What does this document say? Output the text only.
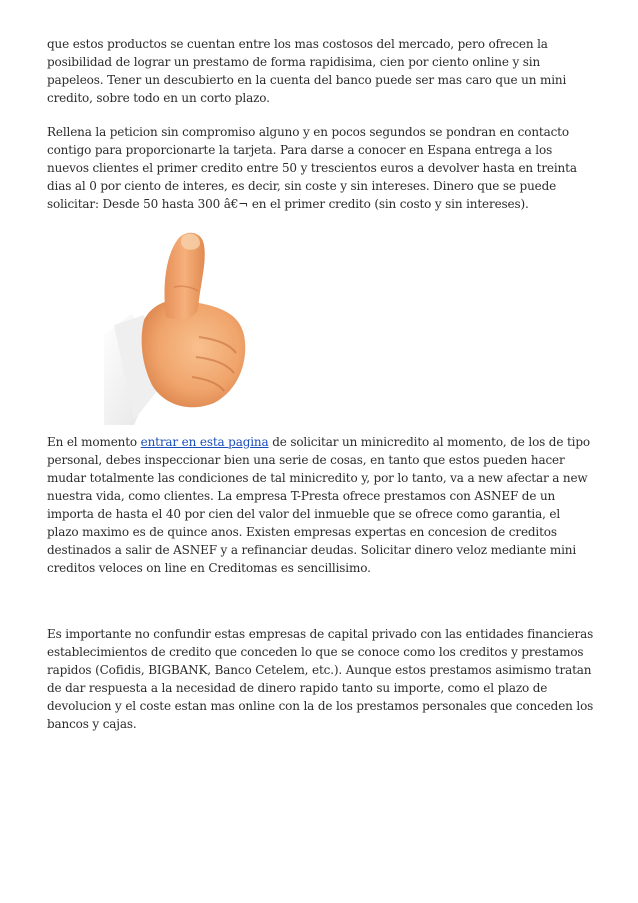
que estos productos se cuentan entre los mas costosos del mercado, pero ofrecen la posibilidad de lograr un prestamo de forma rapidisima, cien por ciento online y sin papeleos. Tener un descubierto en la cuenta del banco puede ser mas caro que un mini credito, sobre todo en un corto plazo.

Rellena la peticion sin compromiso alguno y en pocos segundos se pondran en contacto contigo para proporcionarte la tarjeta. Para darse a conocer en Espana entrega a los nuevos clientes el primer credito entre 50 y trescientos euros a devolver hasta en treinta dias al 0 por ciento de interes, es decir, sin coste y sin intereses. Dinero que se puede solicitar: Desde 50 hasta 300 â€¬ en el primer credito (sin costo y sin intereses).

En el momento entrar en esta pagina de solicitar un minicredito al momento, de los de tipo personal, debes inspeccionar bien una serie de cosas, en tanto que estos pueden hacer mudar totalmente las condiciones de tal minicredito y, por lo tanto, va a new afectar a new nuestra vida, como clientes. La empresa T-Presta ofrece prestamos con ASNEF de un importa de hasta el 40 por cien del valor del inmueble que se ofrece como garantia, el plazo maximo es de quince anos. Existen empresas expertas en concesion de creditos destinados a salir de ASNEF y a refinanciar deudas. Solicitar dinero veloz mediante mini creditos veloces on line en Creditomas es sencillisimo.

Es importante no confundir estas empresas de capital privado con las entidades financieras establecimientos de credito que conceden lo que se conoce como los creditos y prestamos rapidos (Cofidis, BIGBANK, Banco Cetelem, etc.). Aunque estos prestamos asimismo tratan de dar respuesta a la necesidad de dinero rapido tanto su importe, como el plazo de devolucion y el coste estan mas online con la de los prestamos personales que conceden los bancos y cajas.
